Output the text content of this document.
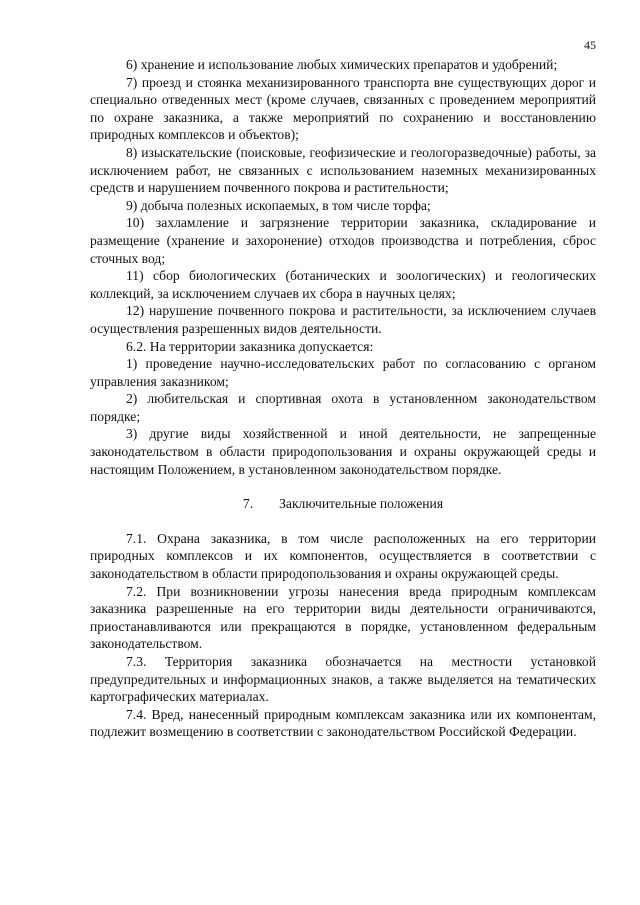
45

6) хранение и использование любых химических препаратов и удобрений;

7) проезд и стоянка механизированного транспорта вне существующих дорог и специально отведенных мест (кроме случаев, связанных с проведением мероприятий по охране заказника, а также мероприятий по сохранению и восстановлению природных комплексов и объектов);

8) изыскательские (поисковые, геофизические и геологоразведочные) работы, за исключением работ, не связанных с использованием наземных механизированных средств и нарушением почвенного покрова и растительности;

9) добыча полезных ископаемых, в том числе торфа;

10) захламление и загрязнение территории заказника, складирование и размещение (хранение и захоронение) отходов производства и потребления, сброс сточных вод;

11) сбор биологических (ботанических и зоологических) и геологических коллекций, за исключением случаев их сбора в научных целях;

12) нарушение почвенного покрова и растительности, за исключением случаев осуществления разрешенных видов деятельности.

6.2. На территории заказника допускается:

1) проведение научно-исследовательских работ по согласованию с органом управления заказником;

2) любительская и спортивная охота в установленном законодательством порядке;

3) другие виды хозяйственной и иной деятельности, не запрещенные законодательством в области природопользования и охраны окружающей среды и настоящим Положением, в установленном законодательством порядке.

7. Заключительные положения

7.1. Охрана заказника, в том числе расположенных на его территории природных комплексов и их компонентов, осуществляется в соответствии с законодательством в области природопользования и охраны окружающей среды.

7.2. При возникновении угрозы нанесения вреда природным комплексам заказника разрешенные на его территории виды деятельности ограничиваются, приостанавливаются или прекращаются в порядке, установленном федеральным законодательством.

7.3. Территория заказника обозначается на местности установкой предупредительных и информационных знаков, а также выделяется на тематических картографических материалах.

7.4. Вред, нанесенный природным комплексам заказника или их компонентам, подлежит возмещению в соответствии с законодательством Российской Федерации.
